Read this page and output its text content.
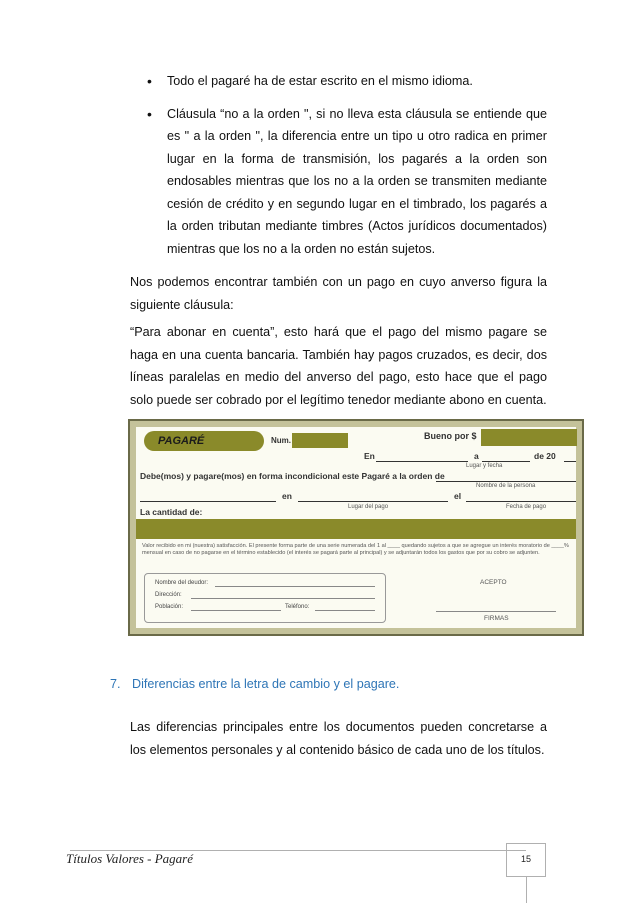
• Todo el pagaré ha de estar escrito en el mismo idioma.
• Cláusula “no a la orden ", si no lleva esta cláusula se entiende que es " a la orden ", la diferencia entre un tipo u otro radica en primer lugar en la forma de transmisión, los pagarés a la orden son endosables mientras que los no a la orden se transmiten mediante cesión de crédito y en segundo lugar en el timbrado, los pagarés a la orden tributan mediante timbres (Actos jurídicos documentados) mientras que los no a la orden no están sujetos.

Nos podemos encontrar también con un pago en cuyo anverso figura la siguiente cláusula:

“Para abonar en cuenta”, esto hará que el pago del mismo pagare se haga en una cuenta bancaria. También hay pagos cruzados, es decir, dos líneas paralelas en medio del anverso del pago, esto hace que el pago solo puede ser cobrado por el legítimo tenedor mediante abono en cuenta.

PAGARÉ	Num.	Bueno por $
En	a	de 20
Lugar y fecha
Debe(mos) y pagare(mos) en forma incondicional este Pagaré a la orden de
Nombre de la persona
en	el
Lugar del pago	Fecha de pago
La cantidad de:
Valor recibido en mi (nuestra) satisfacción. El presente forma parte de una serie numerada del 1 al ____ quedando sujetos a que se agregue un interés moratorio de ____% mensual en caso de no pagarse en el término establecido (el interés se pagará parte al principal) y se adjuntarán todos los gastos que por su cobro se adjunten.
Nombre del deudor:
Dirección:
Población:	Teléfono:
ACEPTO
FIRMAS
7. Diferencias entre la letra de cambio y el pagare.

Las diferencias principales entre los documentos pueden concretarse a los elementos personales y al contenido básico de cada uno de los títulos.

Títulos Valores - Pagaré	15
